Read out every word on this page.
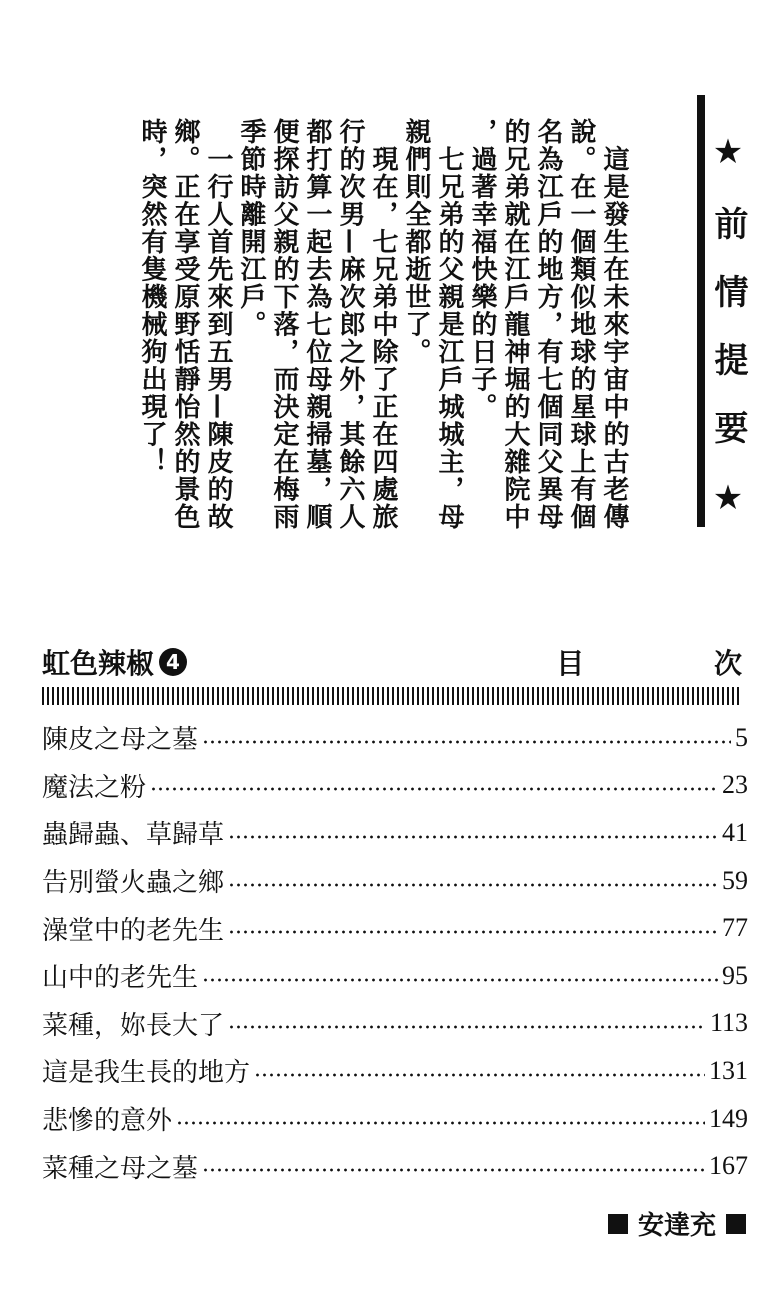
★前情提要★
　這是發生在未來宇宙中的古老傳
說。在一個類似地球的星球上有個
名為江戶的地方，有七個同父異母
的兄弟就在江戶龍神堀的大雜院中
，過著幸福快樂的日子。
　七兄弟的父親是江戶城城主，母
親們則全都逝世了。
　現在，七兄弟中除了正在四處旅
行的次男—麻次郎之外，其餘六人
都打算一起去為七位母親掃墓，順
便探訪父親的下落，而決定在梅雨
季節時離開江戶。
　一行人首先來到五男—陳皮的故
鄉。正在享受原野恬靜怡然的景色
時，突然有隻機械狗出現了！
虹色辣椒 4	目 次
陳皮之母之墓	5
魔法之粉	23
蟲歸蟲、草歸草	41
告別螢火蟲之鄉	59
澡堂中的老先生	77
山中的老先生	95
菜種，妳長大了	113
這是我生長的地方	131
悲慘的意外	149
菜種之母之墓	167
安達充
